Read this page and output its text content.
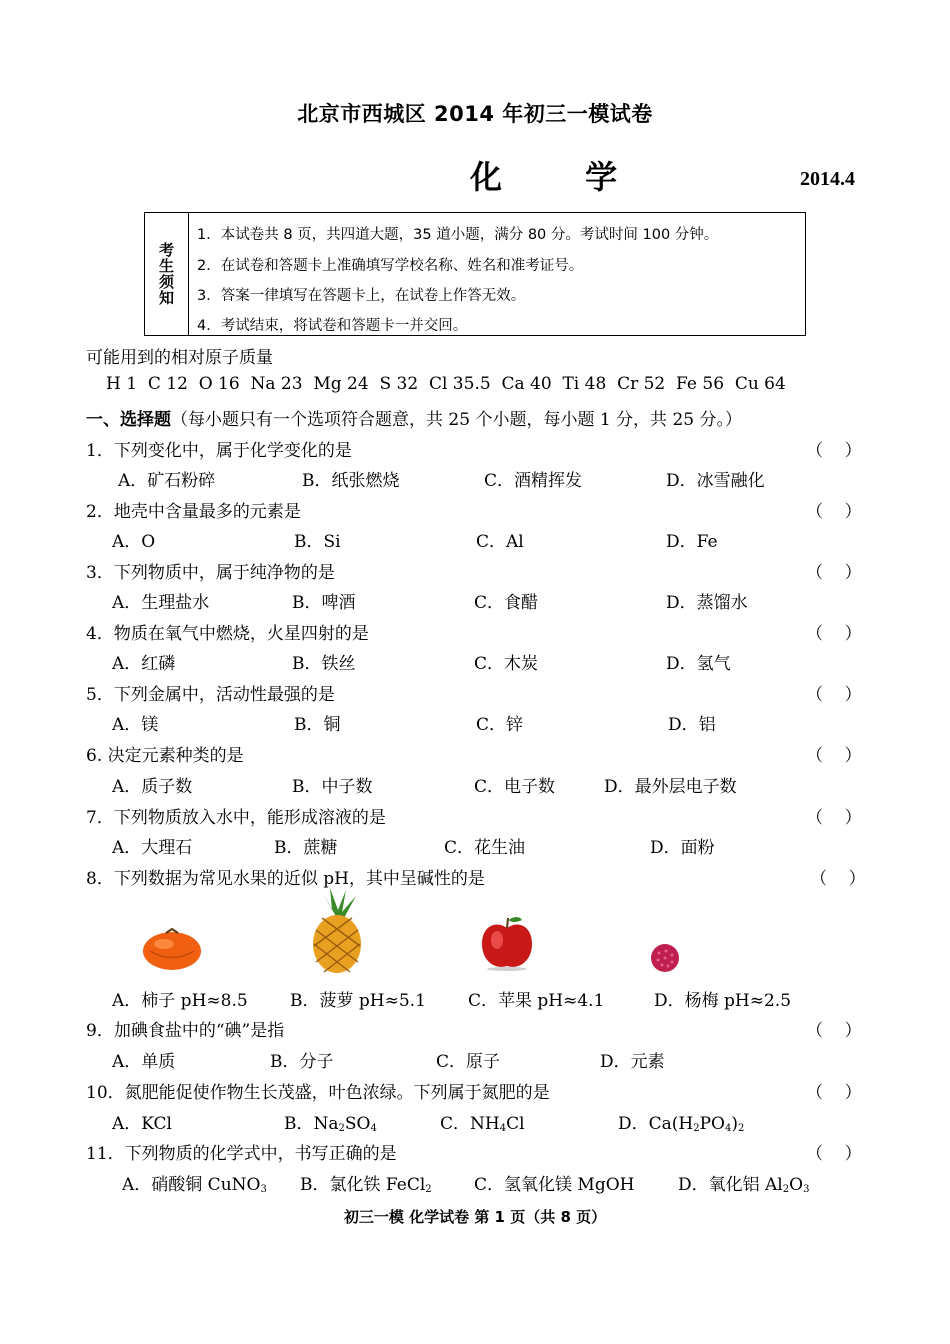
北京市西城区 2014 年初三一模试卷
化 学	2014.4
考生须知
1．本试卷共 8 页，共四道大题，35 道小题，满分 80 分。考试时间 100 分钟。
2．在试卷和答题卡上准确填写学校名称、姓名和准考证号。
3．答案一律填写在答题卡上，在试卷上作答无效。
4．考试结束，将试卷和答题卡一并交回。
可能用到的相对原子质量
H 1  C 12  O 16  Na 23  Mg 24  S 32  Cl 35.5  Ca 40  Ti 48  Cr 52  Fe 56  Cu 64
一、选择题（每小题只有一个选项符合题意，共 25 个小题，每小题 1 分，共 25 分。）
1．下列变化中，属于化学变化的是	（    ）
A．矿石粉碎	B．纸张燃烧	C．酒精挥发	D．冰雪融化
2．地壳中含量最多的元素是	（    ）
A．O	B．Si	C．Al	D．Fe
3．下列物质中，属于纯净物的是	（    ）
A．生理盐水	B．啤酒	C．食醋	D．蒸馏水
4．物质在氧气中燃烧，火星四射的是	（    ）
A．红磷	B．铁丝	C．木炭	D．氢气
5．下列金属中，活动性最强的是	（    ）
A．镁	B．铜	C．锌	D．铝
6. 决定元素种类的是	（    ）
A．质子数	B．中子数	C．电子数	D．最外层电子数
7．下列物质放入水中，能形成溶液的是	（    ）
A．大理石	B．蔗糖	C．花生油	D．面粉
8．下列数据为常见水果的近似 pH，其中呈碱性的是	（    ）
A．柿子 pH≈8.5 B．菠萝 pH≈5.1 C．苹果 pH≈4.1	D．杨梅 pH≈2.5
9．加碘食盐中的“碘”是指	（    ）
A．单质	B．分子	C．原子	D．元素
10．氮肥能促使作物生长茂盛，叶色浓绿。下列属于氮肥的是	（    ）
A．KCl	B．$Na_2SO_4$	C．$NH_4Cl$	D．$Ca(H_2PO_4)_2$
11．下列物质的化学式中，书写正确的是	（    ）
A．硝酸铜 CuNO$_3$ B．氯化铁 FeCl$_2$ C．氢氧化镁 MgOH	D．氧化铝 $Al_2O_3$
初三一模 化学试卷 第 1 页（共 8 页）
